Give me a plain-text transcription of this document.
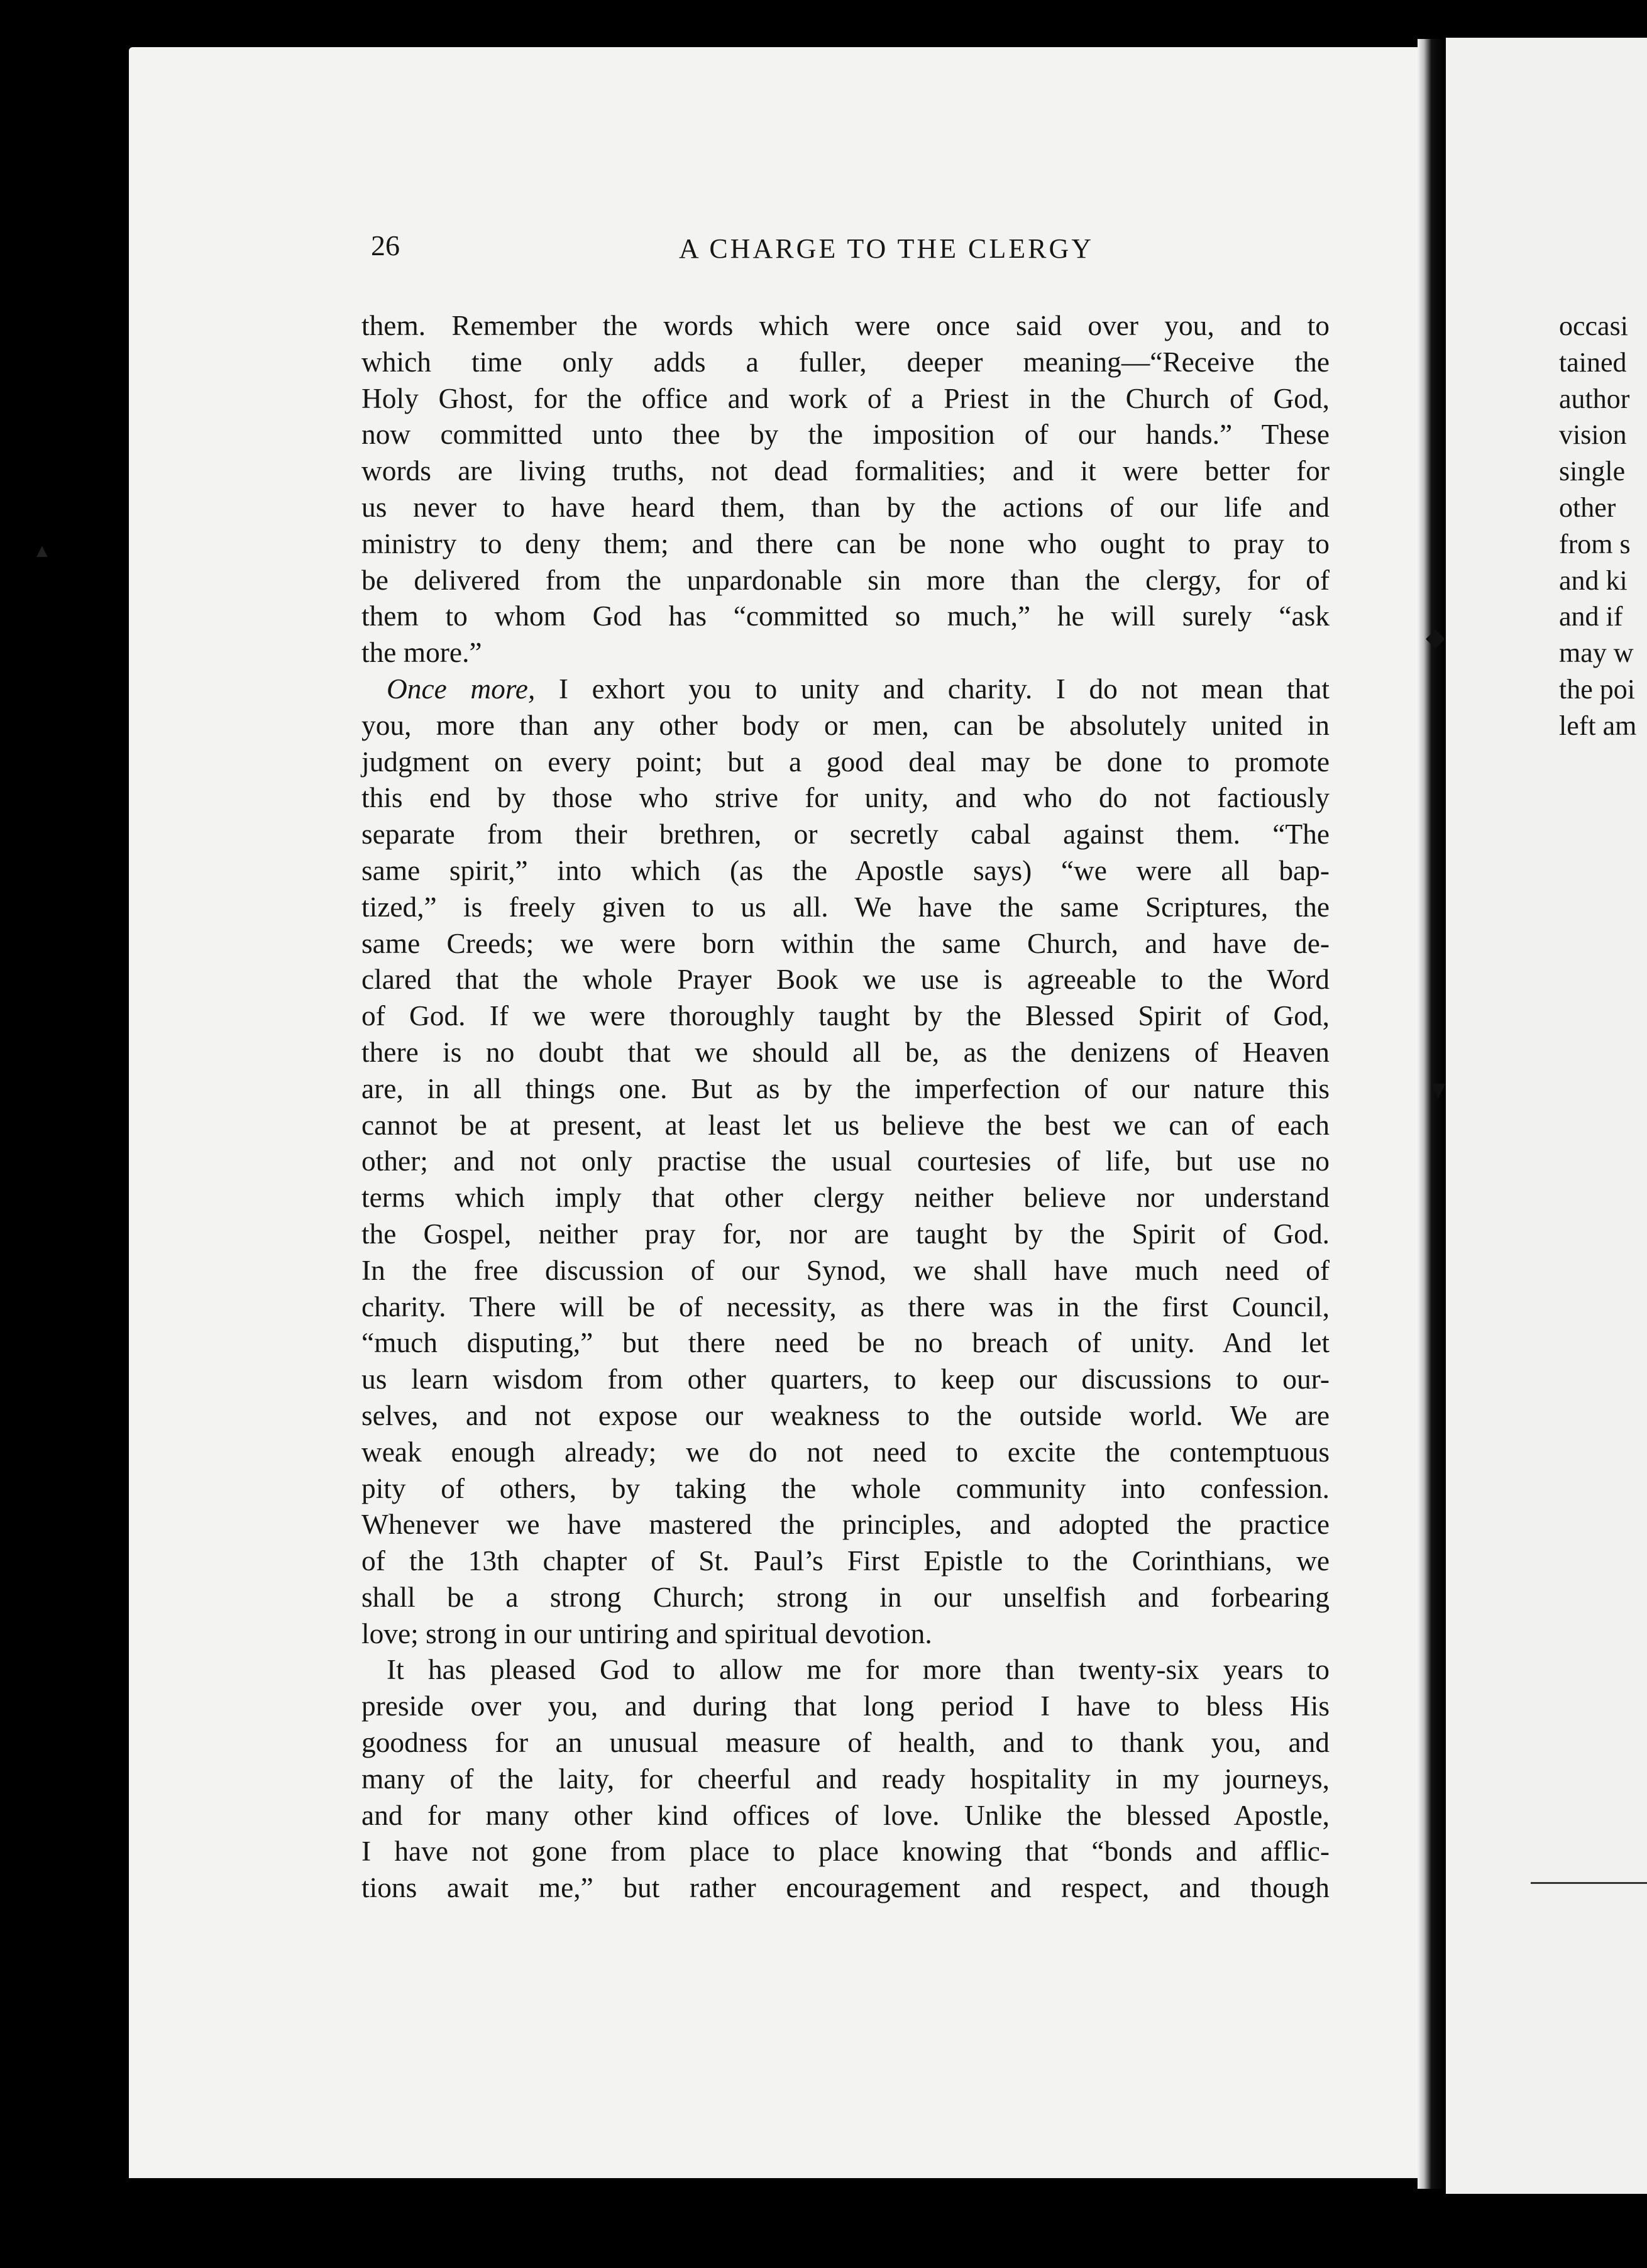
▲
◆
▼
26	A CHARGE TO THE CLERGY
them. Remember the words which were once said over you, and to
which time only adds a fuller, deeper meaning—“Receive the
Holy Ghost, for the office and work of a Priest in the Church of God,
now committed unto thee by the imposition of our hands.” These
words are living truths, not dead formalities; and it were better for
us never to have heard them, than by the actions of our life and
ministry to deny them; and there can be none who ought to pray to
be delivered from the unpardonable sin more than the clergy, for of
them to whom God has “committed so much,” he will surely “ask
the more.”
Once more, I exhort you to unity and charity. I do not mean that
you, more than any other body or men, can be absolutely united in
judgment on every point; but a good deal may be done to promote
this end by those who strive for unity, and who do not factiously
separate from their brethren, or secretly cabal against them. “The
same spirit,” into which (as the Apostle says) “we were all bap-
tized,” is freely given to us all. We have the same Scriptures, the
same Creeds; we were born within the same Church, and have de-
clared that the whole Prayer Book we use is agreeable to the Word
of God. If we were thoroughly taught by the Blessed Spirit of God,
there is no doubt that we should all be, as the denizens of Heaven
are, in all things one. But as by the imperfection of our nature this
cannot be at present, at least let us believe the best we can of each
other; and not only practise the usual courtesies of life, but use no
terms which imply that other clergy neither believe nor understand
the Gospel, neither pray for, nor are taught by the Spirit of God.
In the free discussion of our Synod, we shall have much need of
charity. There will be of necessity, as there was in the first Council,
“much disputing,” but there need be no breach of unity. And let
us learn wisdom from other quarters, to keep our discussions to our-
selves, and not expose our weakness to the outside world. We are
weak enough already; we do not need to excite the contemptuous
pity of others, by taking the whole community into confession.
Whenever we have mastered the principles, and adopted the practice
of the 13th chapter of St. Paul’s First Epistle to the Corinthians, we
shall be a strong Church; strong in our unselfish and forbearing
love; strong in our untiring and spiritual devotion.
It has pleased God to allow me for more than twenty-six years to
preside over you, and during that long period I have to bless His
goodness for an unusual measure of health, and to thank you, and
many of the laity, for cheerful and ready hospitality in my journeys,
and for many other kind offices of love. Unlike the blessed Apostle,
I have not gone from place to place knowing that “bonds and afflic-
tions await me,” but rather encouragement and respect, and though
occasi
tained
author
vision
single
other
from s
and ki
and if
may w
the poi
left am
